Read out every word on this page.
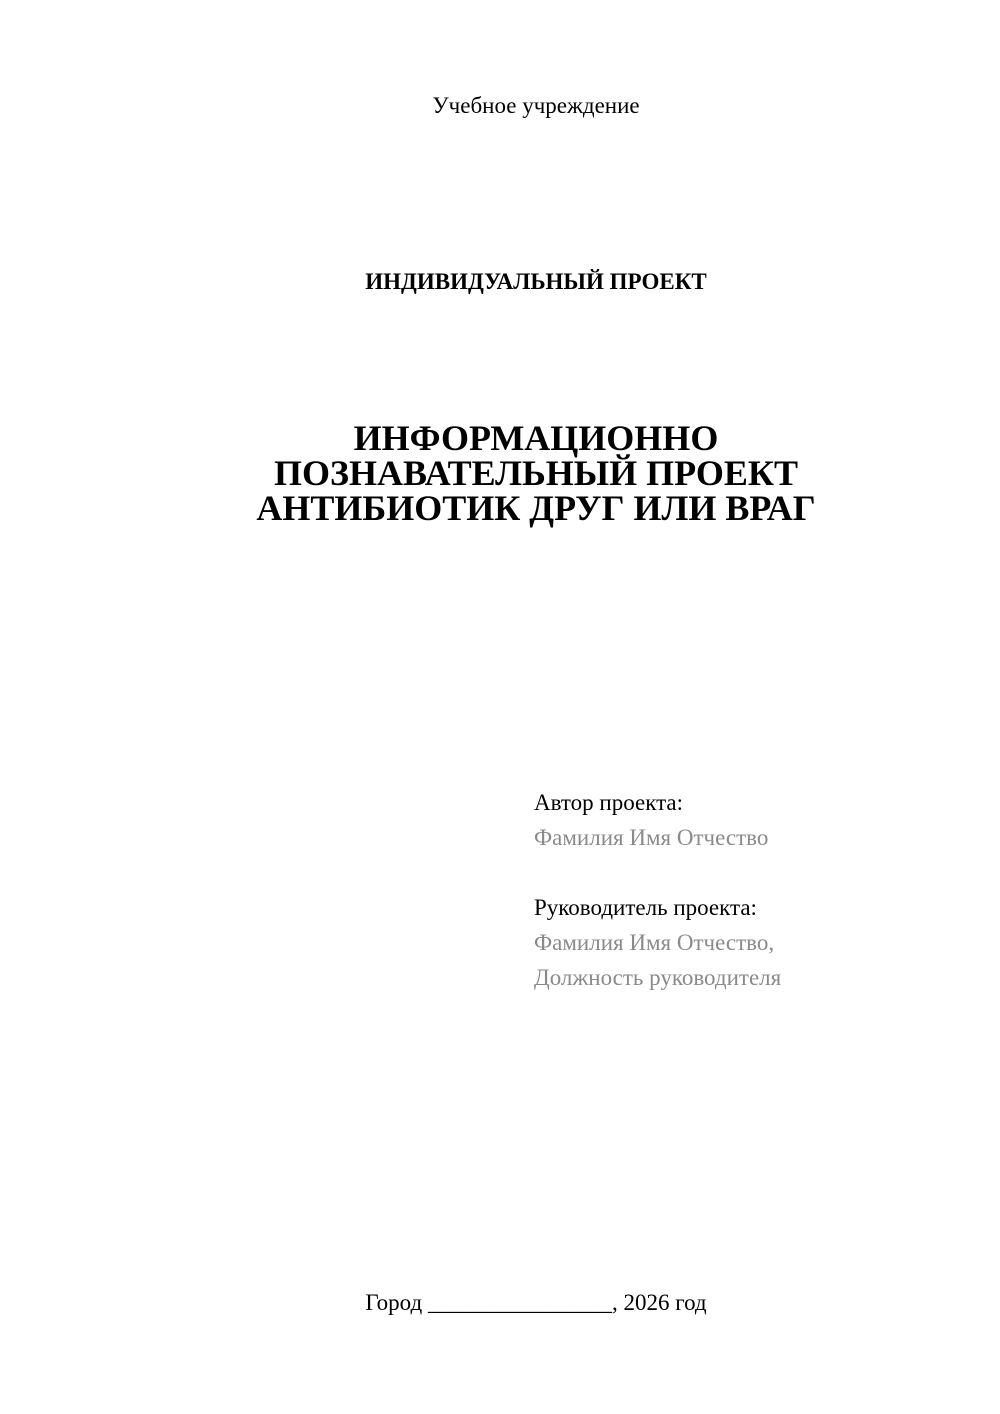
Учебное учреждение
ИНДИВИДУАЛЬНЫЙ ПРОЕКТ
ИНФОРМАЦИОННО
ПОЗНАВАТЕЛЬНЫЙ ПРОЕКТ
АНТИБИОТИК ДРУГ ИЛИ ВРАГ
Автор проекта:
Фамилия Имя Отчество
Руководитель проекта:
Фамилия Имя Отчество,
Должность руководителя
Город ________________, 2026 год
